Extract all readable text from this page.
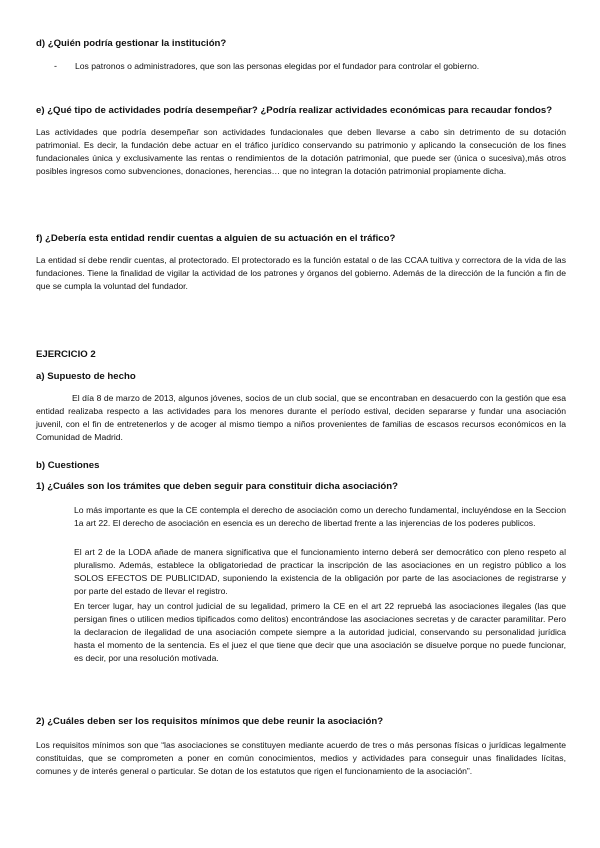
d) ¿Quién podría gestionar la institución?
- Los patronos o administradores, que son las personas elegidas por el fundador para controlar el gobierno.
e) ¿Qué tipo de actividades podría desempeñar? ¿Podría realizar actividades económicas para recaudar fondos?
Las actividades que podría desempeñar son actividades fundacionales que deben llevarse a cabo sin detrimento de su dotación patrimonial. Es decir, la fundación debe actuar en el tráfico jurídico conservando su patrimonio y aplicando la consecución de los fines fundacionales única y exclusivamente las rentas o rendimientos de la dotación patrimonial, que puede ser (única o sucesiva),más otros posibles ingresos como subvenciones, donaciones, herencias… que no integran la dotación patrimonial propiamente dicha.
f) ¿Debería esta entidad rendir cuentas a alguien de su actuación en el tráfico?
La entidad sí debe rendir cuentas, al protectorado. El protectorado es la función estatal o de las CCAA tuitiva y correctora de la vida de las fundaciones. Tiene la finalidad de vigilar la actividad de los patrones y órganos del gobierno. Además de la dirección de la función a fin de que se cumpla la voluntad del fundador.
EJERCICIO 2
a) Supuesto de hecho
El día 8 de marzo de 2013, algunos jóvenes, socios de un club social, que se encontraban en desacuerdo con la gestión que esa entidad realizaba respecto a las actividades para los menores durante el período estival, deciden separarse y fundar una asociación juvenil, con el fin de entretenerlos y de acoger al mismo tiempo a niños provenientes de familias de escasos recursos económicos en la Comunidad de Madrid.
b) Cuestiones
1) ¿Cuáles son los trámites que deben seguir para constituir dicha asociación?
Lo más importante es que la CE contempla el derecho de asociación como un derecho fundamental, incluyéndose en la Seccion 1a art 22. El derecho de asociación en esencia es un derecho de libertad frente a las injerencias de los poderes publicos.
El art 2 de la LODA añade de manera significativa que el funcionamiento interno deberá ser democrático con pleno respeto al pluralismo. Además, establece la obligatoriedad de practicar la inscripción de las asociaciones en un registro público a los SOLOS EFECTOS DE PUBLICIDAD, suponiendo la existencia de la obligación por parte de las asociaciones de registrarse y por parte del estado de llevar el registro.
En tercer lugar, hay un control judicial de su legalidad, primero la CE en el art 22 repruebá las asociaciones ilegales (las que persigan fines o utilicen medios tipificados como delitos) encontrándose las asociaciones secretas y de caracter paramilitar. Pero la declaracion de ilegalidad de una asociación compete siempre a la autoridad judicial, conservando su personalidad jurídica hasta el momento de la sentencia. Es el juez el que tiene que decir que una asociación se disuelve porque no puede funcionar, es decir, por una resolución motivada.
2) ¿Cuáles deben ser los requisitos mínimos que debe reunir la asociación?
Los requisitos mínimos son que “las asociaciones se constituyen mediante acuerdo de tres o más personas físicas o jurídicas legalmente constituidas, que se comprometen a poner en común conocimientos, medios y actividades para conseguir unas finalidades lícitas, comunes y de interés general o particular. Se dotan de los estatutos que rigen el funcionamiento de la asociación”.
